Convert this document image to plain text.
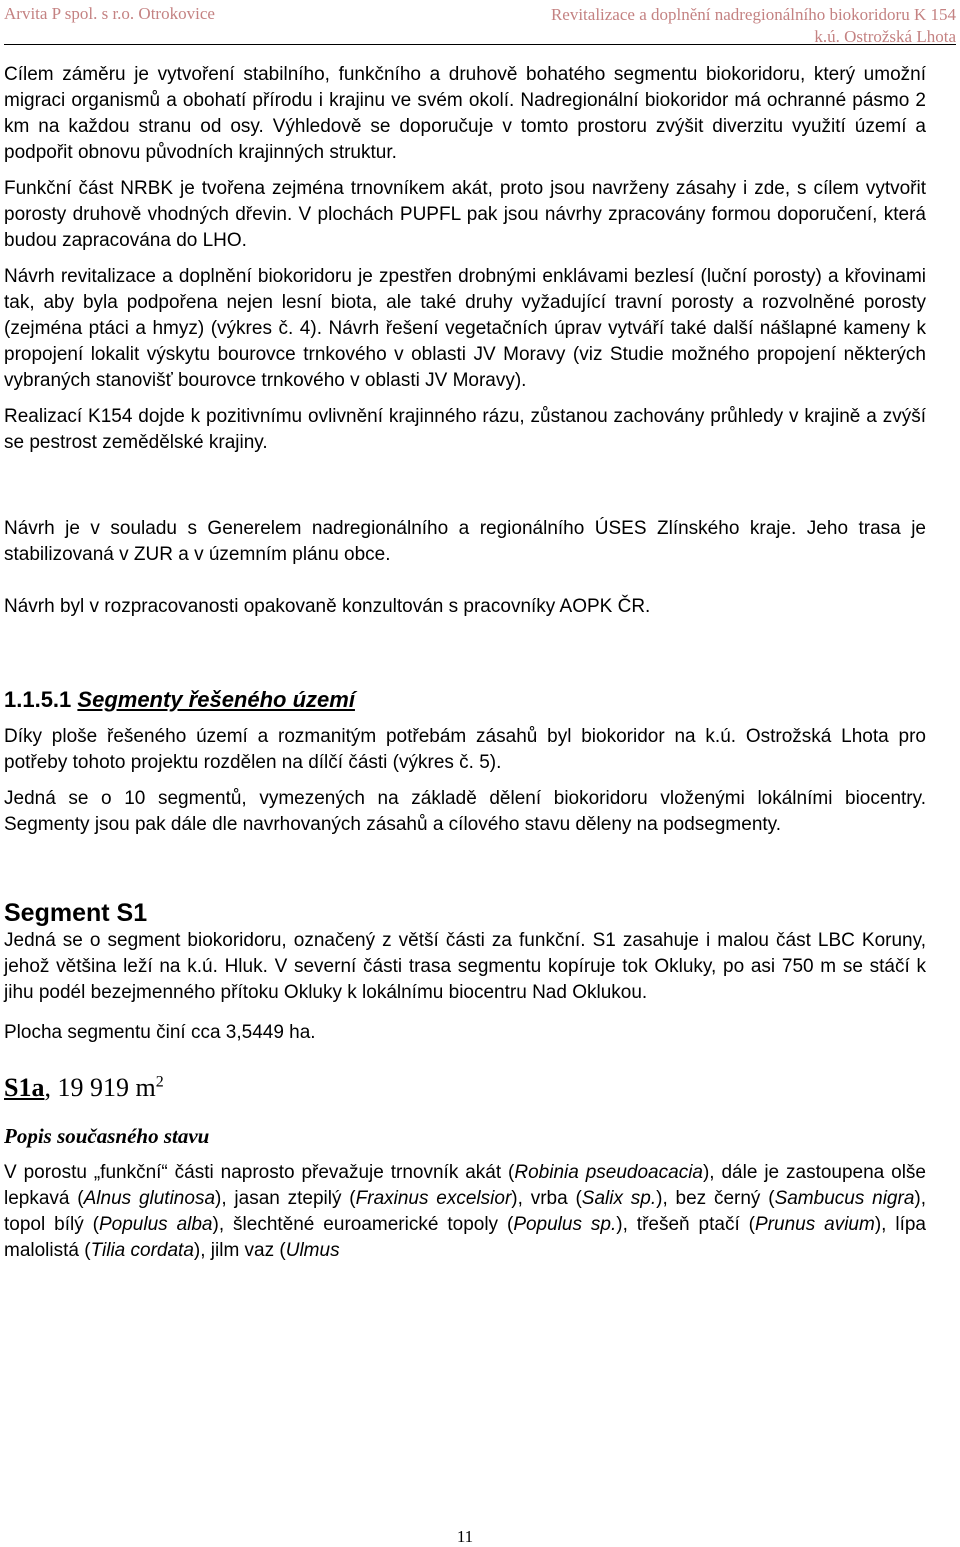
Arvita P spol. s r.o. Otrokovice	Revitalizace a doplnění nadregionálního biokoridoru K 154
k.ú. Ostrožská Lhota

Cílem záměru je vytvoření stabilního, funkčního a druhově bohatého segmentu biokoridoru, který umožní migraci organismů a obohatí přírodu i krajinu ve svém okolí. Nadregionální biokoridor má ochranné pásmo 2 km na každou stranu od osy. Výhledově se doporučuje v tomto prostoru zvýšit diverzitu využití území a podpořit obnovu původních krajinných struktur.

Funkční část NRBK je tvořena zejména trnovníkem akát, proto jsou navrženy zásahy i zde, s cílem vytvořit porosty druhově vhodných dřevin. V plochách PUPFL pak jsou návrhy zpracovány formou doporučení, která budou zapracována do LHO.

Návrh revitalizace a doplnění biokoridoru je zpestřen drobnými enklávami bezlesí (luční porosty) a křovinami tak, aby byla podpořena nejen lesní biota, ale také druhy vyžadující travní porosty a rozvolněné porosty (zejména ptáci a hmyz) (výkres č. 4). Návrh řešení vegetačních úprav vytváří také další nášlapné kameny k propojení lokalit výskytu bourovce trnkového v oblasti JV Moravy (viz Studie možného propojení některých vybraných stanovišť bourovce trnkového v oblasti JV Moravy).

Realizací K154 dojde k pozitivnímu ovlivnění krajinného rázu, zůstanou zachovány průhledy v krajině a zvýší se pestrost zemědělské krajiny.

Návrh je v souladu s Generelem nadregionálního a regionálního ÚSES Zlínského kraje. Jeho trasa je stabilizovaná v ZUR a v územním plánu obce.

Návrh byl v rozpracovanosti opakovaně konzultován s pracovníky AOPK ČR.

1.1.5.1 Segmenty řešeného území

Díky ploše řešeného území a rozmanitým potřebám zásahů byl biokoridor na k.ú. Ostrožská Lhota pro potřeby tohoto projektu rozdělen na dílčí části (výkres č. 5).

Jedná se o 10 segmentů, vymezených na základě dělení biokoridoru vloženými lokálními biocentry. Segmenty jsou pak dále dle navrhovaných zásahů a cílového stavu děleny na podsegmenty.

Segment S1

Jedná se o segment biokoridoru, označený z větší části za funkční. S1 zasahuje i malou část LBC Koruny, jehož většina leží na k.ú. Hluk. V severní části trasa segmentu kopíruje tok Okluky, po asi 750 m se stáčí k jihu podél bezejmenného přítoku Okluky k lokálnímu biocentru Nad Oklukou.

Plocha segmentu činí cca 3,5449 ha.

S1a, 19 919 $m^2$
Popis současného stavu

V porostu „funkční“ části naprosto převažuje trnovník akát (Robinia pseudoacacia), dále je zastoupena olše lepkavá (Alnus glutinosa), jasan ztepilý (Fraxinus excelsior), vrba (Salix sp.), bez černý (Sambucus nigra), topol bílý (Populus alba), šlechtěné euroamerické topoly (Populus sp.), třešeň ptačí (Prunus avium), lípa malolistá (Tilia cordata), jilm vaz (Ulmus

11
